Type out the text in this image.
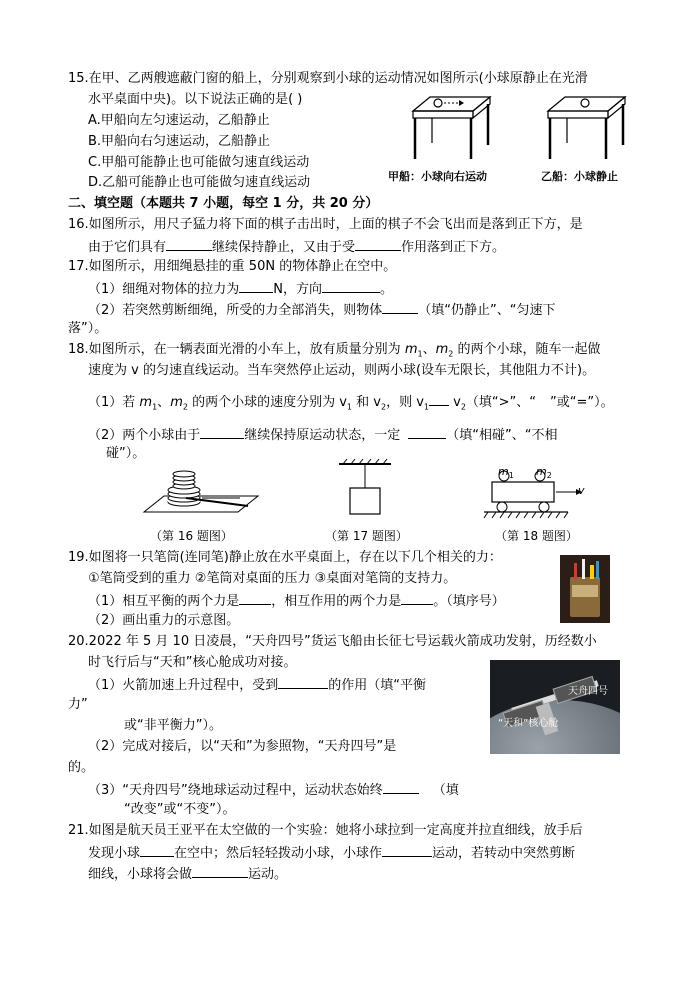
15.在甲、乙两艘遮蔽门窗的船上，分别观察到小球的运动情况如图所示(小球原静止在光滑
水平桌面中央)。以下说法正确的是( )
A.甲船向左匀速运动，乙船静止
B.甲船向右匀速运动，乙船静止
C.甲船可能静止也可能做匀速直线运动
D.乙船可能静止也可能做匀速直线运动	甲船：小球向右运动	乙船：小球静止
二、填空题（本题共 7 小题，每空 1 分，共 20 分）
16.如图所示，用尺子猛力将下面的棋子击出时，上面的棋子不会飞出而是落到正下方，是
由于它们具有	继续保持静止，又由于受	作用落到正下方。
17.如图所示，用细绳悬挂的重 50N 的物体静止在空中。
（1）细绳对物体的拉力为	N，方向	。
（2）若突然剪断细绳，所受的力全部消失，则物体	（填“仍静止”、“匀速下
落”）。
18.如图所示，在一辆表面光滑的小车上，放有质量分别为 $m_1$、$m_2$ 的两个小球，随车一起做
速度为 v 的匀速直线运动。当车突然停止运动，则两小球(设车无限长，其他阻力不计)。
（1）若 $m_1$、$m_2$ 的两个小球的速度分别为 $v_1$ 和 $v_2$，则 $v_1$ $v_2$（填“>”、“ ”或“=”）。
（2）两个小球由于	继续保持原运动状态，一定	（填“相碰”、“不相
碰”）。
$m_1$ $m_2$
v
（第 16 题图）	（第 17 题图）	（第 18 题图）
19.如图将一只笔筒(连同笔)静止放在水平桌面上，存在以下几个相关的力：
①笔筒受到的重力 ②笔筒对桌面的压力 ③桌面对笔筒的支持力。
（1）相互平衡的两个力是 ，相互作用的两个力是 。（填序号）
（2）画出重力的示意图。
20.2022 年 5 月 10 日凌晨，“天舟四号”货运飞船由长征七号运载火箭成功发射，历经数小
时飞行后与“天和”核心舱成功对接。
（1）火箭加速上升过程中，受到	的作用（填“平衡
力”
或“非平衡力”）。
（2）完成对接后，以“天和”为参照物，“天舟四号”是
的。
（3）“天舟四号”绕地球运动过程中，运动状态始终	（填
“改变”或“不变”）。
天舟四号
“天和”核心舱
21.如图是航天员王亚平在太空做的一个实验：她将小球拉到一定高度并拉直细线，放手后
发现小球	在空中；然后轻轻拨动小球，小球作	运动，若转动中突然剪断
细线，小球将会做	运动。
